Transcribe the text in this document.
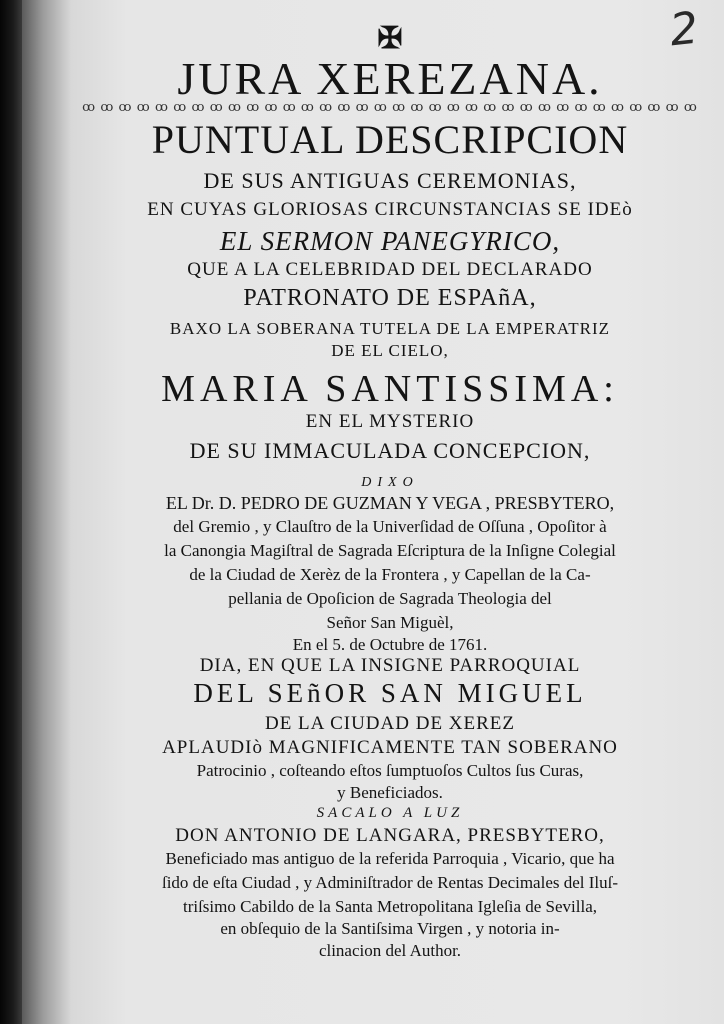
2
✠
JURA XEREZANA.
ꝏ ꝏ ꝏ ꝏ ꝏ ꝏ ꝏ ꝏ ꝏ ꝏ ꝏ ꝏ ꝏ ꝏ ꝏ ꝏ ꝏ ꝏ ꝏ ꝏ ꝏ ꝏ ꝏ ꝏ ꝏ ꝏ ꝏ ꝏ ꝏ ꝏ ꝏ ꝏ ꝏ ꝏ
PUNTUAL DESCRIPCION
DE SUS ANTIGUAS CEREMONIAS,
EN CUYAS GLORIOSAS CIRCUNSTANCIAS SE IDEò
EL SERMON PANEGYRICO,
QUE A LA CELEBRIDAD DEL DECLARADO
PATRONATO DE ESPAñA,
BAXO LA SOBERANA TUTELA DE LA EMPERATRIZ
DE EL CIELO,
MARIA SANTISSIMA:
EN EL MYSTERIO
DE SU IMMACULADA CONCEPCION,
DIXO
EL Dr. D. PEDRO DE GUZMAN Y VEGA , PRESBYTERO,
del Gremio , y Clauſtro de la Univerſidad de Oſſuna , Opoſitor à
la Canongia Magiſtral de Sagrada Eſcriptura de la Inſigne Colegial
de la Ciudad de Xerèz de la Frontera , y Capellan de la Ca-
pellania de Opoſicion de Sagrada Theologia del
Señor San Miguèl,
En el 5. de Octubre de 1761.
DIA, EN QUE LA INSIGNE PARROQUIAL
DEL SEñOR SAN MIGUEL
DE LA CIUDAD DE XEREZ
APLAUDIò MAGNIFICAMENTE TAN SOBERANO
Patrocinio , coſteando eſtos ſumptuoſos Cultos ſus Curas,
y Beneficiados.
SACALO A LUZ
DON ANTONIO DE LANGARA, PRESBYTERO,
Beneficiado mas antiguo de la referida Parroquia , Vicario, que ha
ſido de eſta Ciudad , y Adminiſtrador de Rentas Decimales del Iluſ-
triſsimo Cabildo de la Santa Metropolitana Igleſia de Sevilla,
en obſequio de la Santiſsima Virgen , y notoria in-
clinacion del Author.
